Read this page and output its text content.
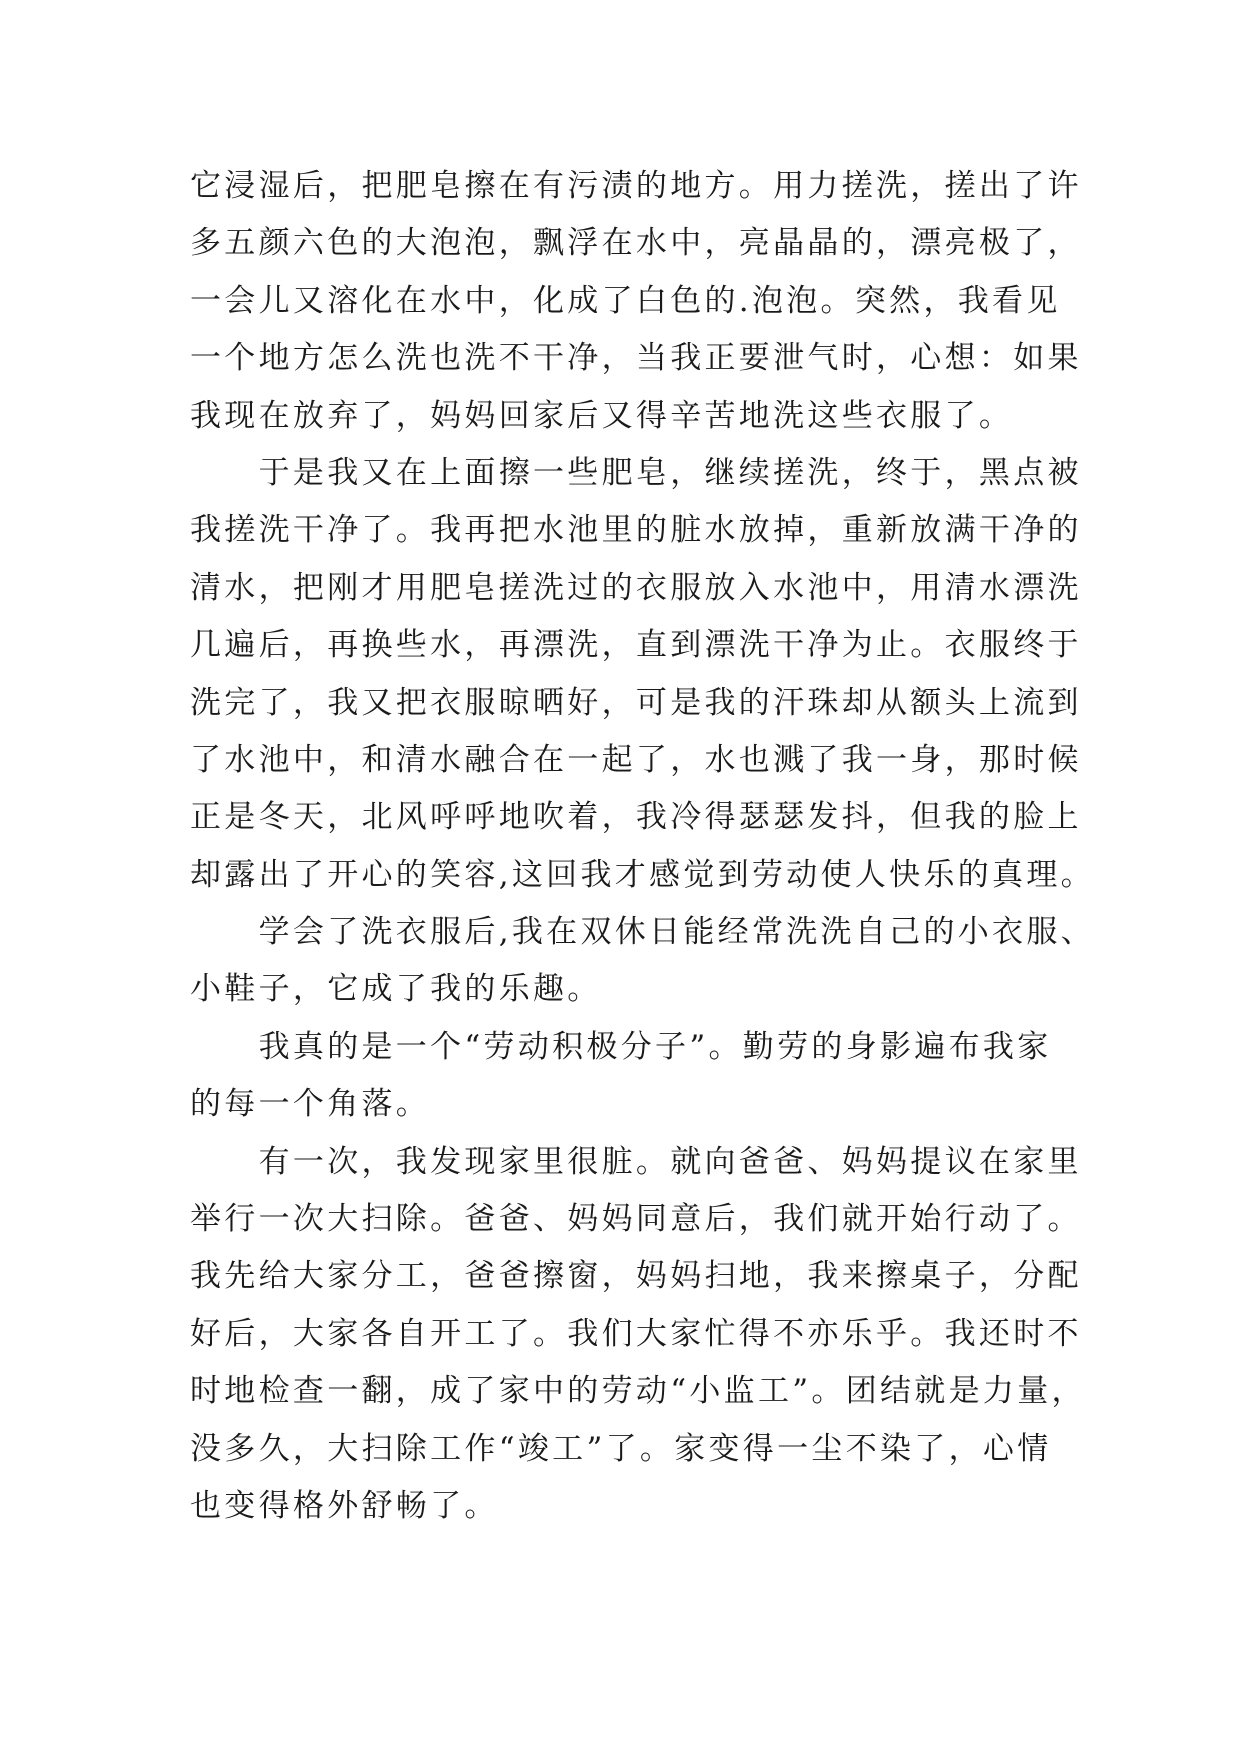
它浸湿后，把肥皂擦在有污渍的地方。用力搓洗，搓出了许
多五颜六色的大泡泡，飘浮在水中，亮晶晶的，漂亮极了，
一会儿又溶化在水中，化成了白色的.泡泡。突然，我看见
一个地方怎么洗也洗不干净，当我正要泄气时，心想：如果
我现在放弃了，妈妈回家后又得辛苦地洗这些衣服了。
　　于是我又在上面擦一些肥皂，继续搓洗，终于，黑点被
我搓洗干净了。我再把水池里的脏水放掉，重新放满干净的
清水，把刚才用肥皂搓洗过的衣服放入水池中，用清水漂洗
几遍后，再换些水，再漂洗，直到漂洗干净为止。衣服终于
洗完了，我又把衣服晾晒好，可是我的汗珠却从额头上流到
了水池中，和清水融合在一起了，水也溅了我一身，那时候
正是冬天，北风呼呼地吹着，我冷得瑟瑟发抖，但我的脸上
却露出了开心的笑容,这回我才感觉到劳动使人快乐的真理。
　　学会了洗衣服后,我在双休日能经常洗洗自己的小衣服、
小鞋子，它成了我的乐趣。
　　我真的是一个“劳动积极分子”。勤劳的身影遍布我家
的每一个角落。
　　有一次，我发现家里很脏。就向爸爸、妈妈提议在家里
举行一次大扫除。爸爸、妈妈同意后，我们就开始行动了。
我先给大家分工，爸爸擦窗，妈妈扫地，我来擦桌子，分配
好后，大家各自开工了。我们大家忙得不亦乐乎。我还时不
时地检查一翻，成了家中的劳动“小监工”。团结就是力量，
没多久，大扫除工作“竣工”了。家变得一尘不染了，心情
也变得格外舒畅了。
